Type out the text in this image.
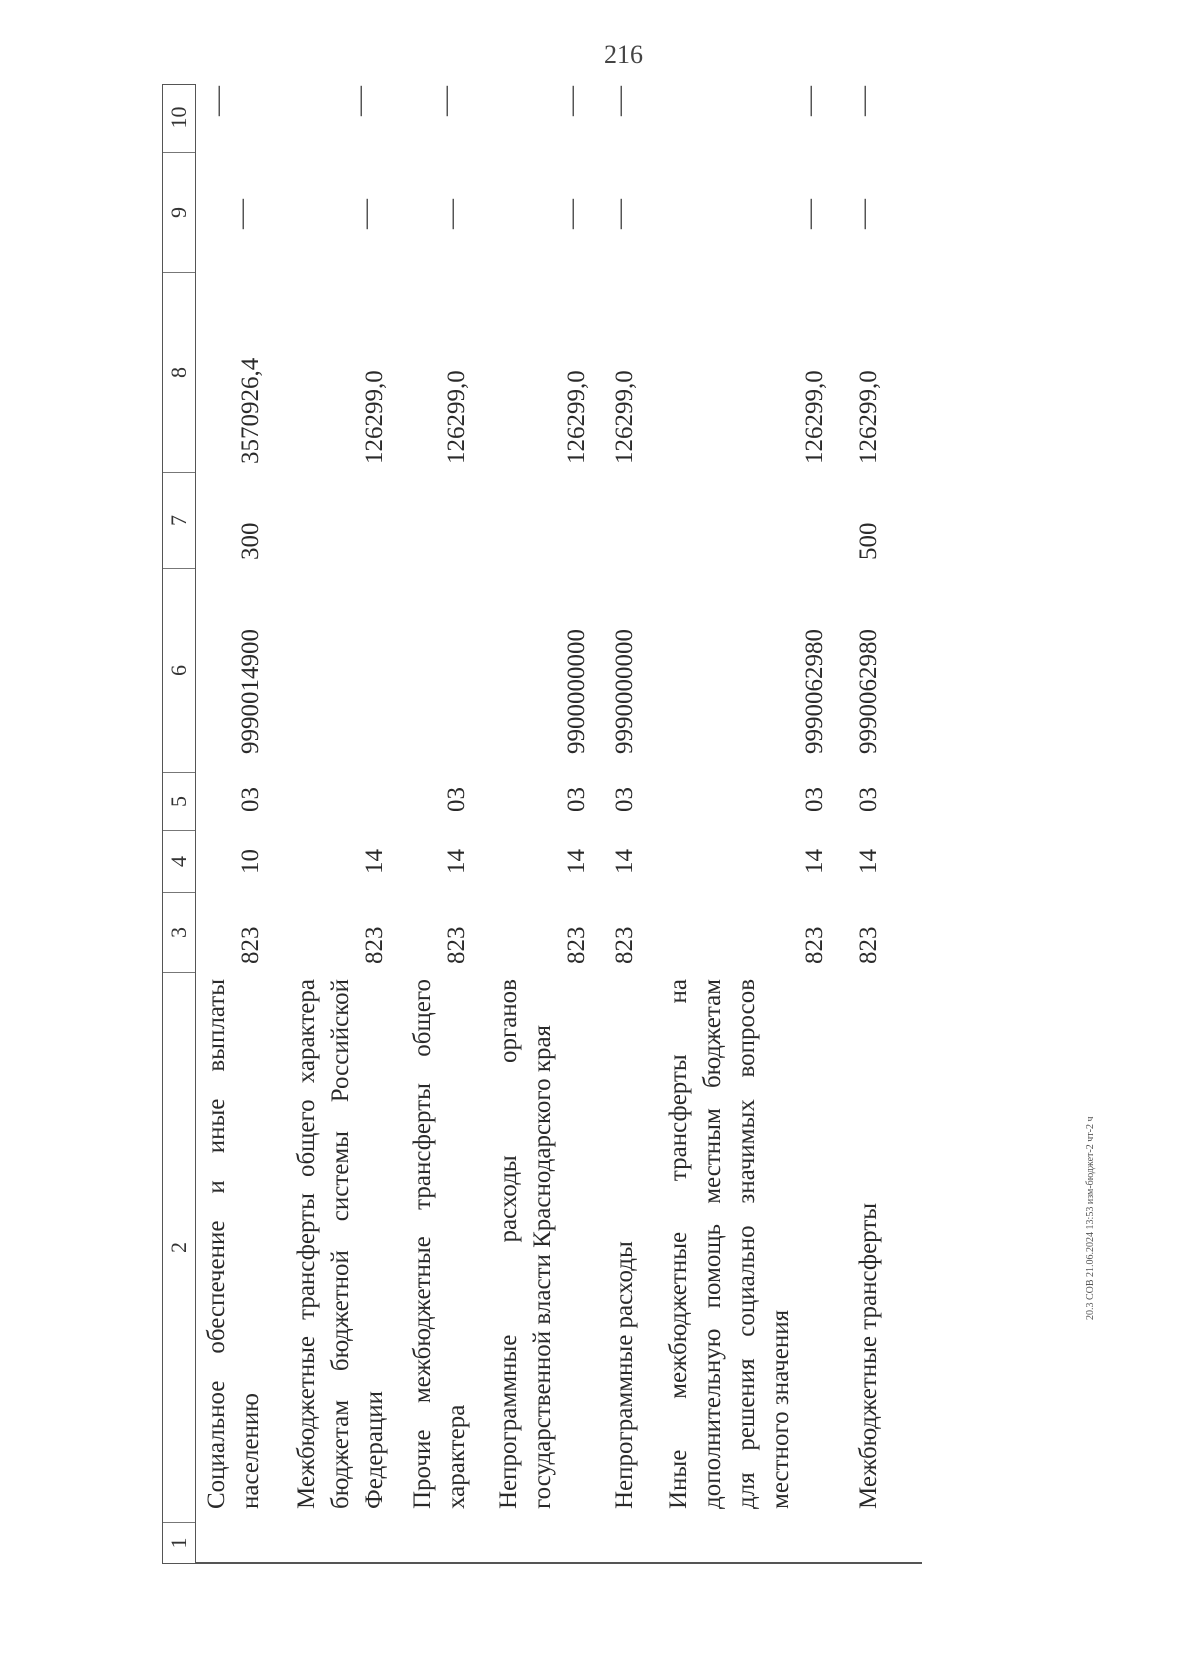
216
20.3 СОВ 21.06.2024 13:53 изм-бюджет-2 чт-2 ч
1
2
3
4
5
6
7
8
9
10
Социальное обеспечение и иные выплаты населению
823
10
03
9990014900
300
3570926,4
—
—
Межбюджетные трансферты общего характера бюджетам бюджетной системы Российской Федерации
823
14
126299,0
—
—
Прочие межбюджетные трансферты общего характера
823
14
03
126299,0
—
—
Непрограммные расходы органов государственной власти Краснодарского края
823
14
03
9900000000
126299,0
—
—
Непрограммные расходы
823
14
03
9990000000
126299,0
—
—
Иные межбюджетные трансферты на дополнительную помощь местным бюджетам для решения социально значимых вопросов местного значения
823
14
03
9990062980
126299,0
—
—
Межбюджетные трансферты
823
14
03
9990062980
500
126299,0
—
—
